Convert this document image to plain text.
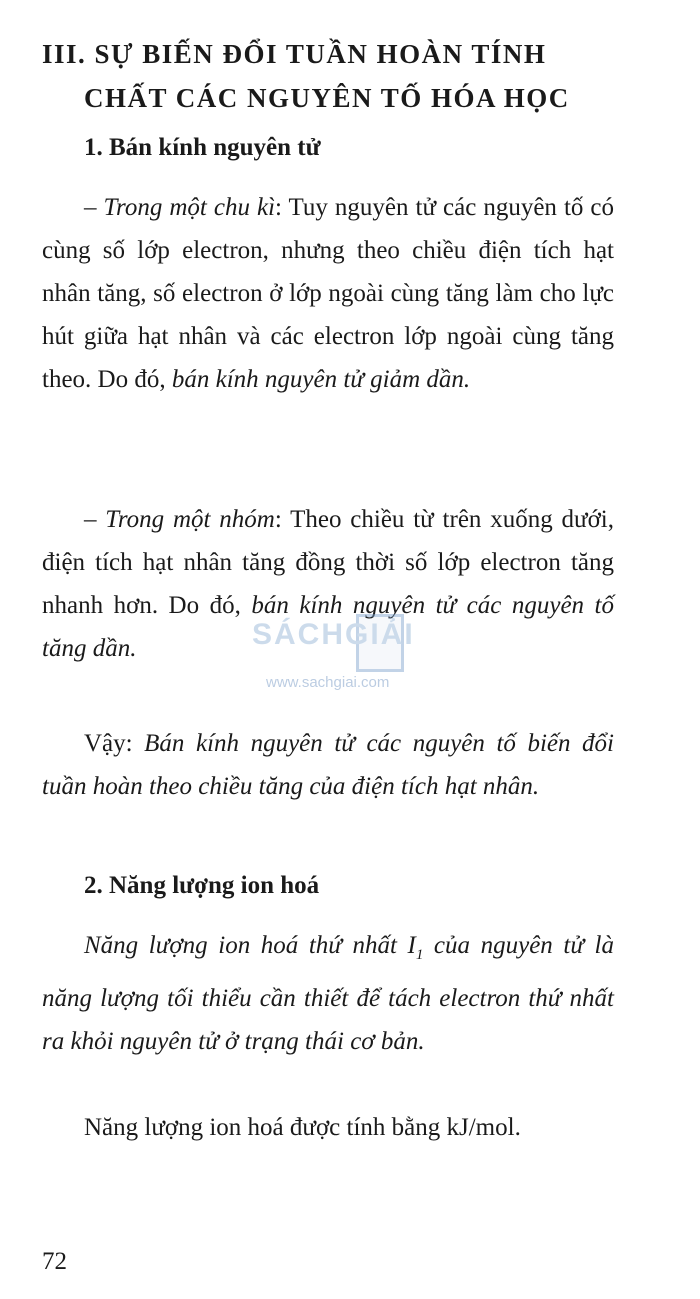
III. SỰ BIẾN ĐỔI TUẦN HOÀN TÍNH
CHẤT CÁC NGUYÊN TỐ HÓA HỌC
1. Bán kính nguyên tử
– Trong một chu kì: Tuy nguyên tử các nguyên tố có cùng số lớp electron, nhưng theo chiều điện tích hạt nhân tăng, số electron ở lớp ngoài cùng tăng làm cho lực hút giữa hạt nhân và các electron lớp ngoài cùng tăng theo. Do đó, bán kính nguyên tử giảm dần.
– Trong một nhóm: Theo chiều từ trên xuống dưới, điện tích hạt nhân tăng đồng thời số lớp electron tăng nhanh hơn. Do đó, bán kính nguyên tử các nguyên tố tăng dần.
Vậy: Bán kính nguyên tử các nguyên tố biến đổi tuần hoàn theo chiều tăng của điện tích hạt nhân.
2. Năng lượng ion hoá
Năng lượng ion hoá thứ nhất $I_1$ của nguyên tử là năng lượng tối thiểu cần thiết để tách electron thứ nhất ra khỏi nguyên tử ở trạng thái cơ bản.
Năng lượng ion hoá được tính bằng kJ/mol.
SÁCHGIẢI
www.sachgiai.com
72
